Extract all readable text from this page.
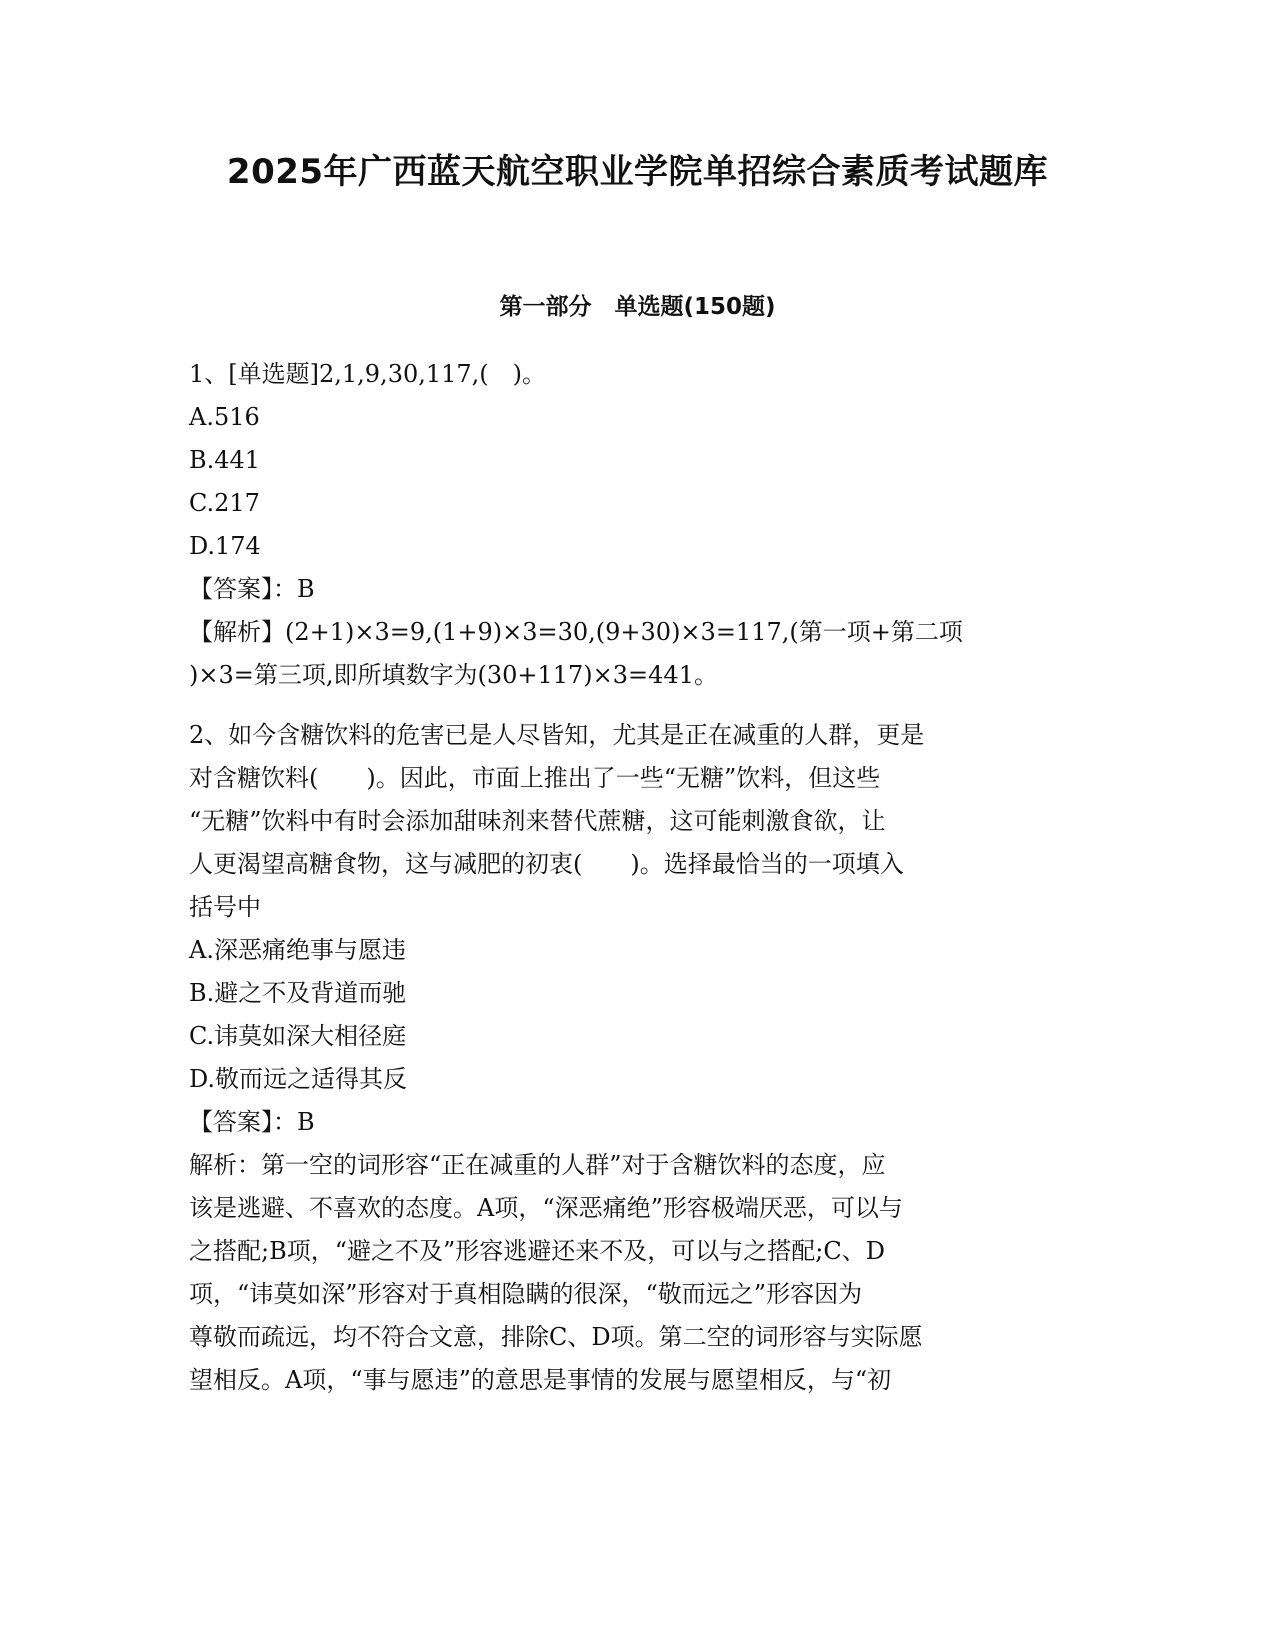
2025年广西蓝天航空职业学院单招综合素质考试题库
第一部分　单选题(150题)
1、[单选题]2,1,9,30,117,(　)。
A.516
B.441
C.217
D.174
【答案】：B
【解析】(2+1)×3=9,(1+9)×3=30,(9+30)×3=117,(第一项+第二项
)×3=第三项,即所填数字为(30+117)×3=441。
2、如今含糖饮料的危害已是人尽皆知，尤其是正在减重的人群，更是
对含糖饮料(　　)。因此，市面上推出了一些“无糖”饮料，但这些
“无糖”饮料中有时会添加甜味剂来替代蔗糖，这可能刺激食欲，让
人更渴望高糖食物，这与减肥的初衷(　　)。选择最恰当的一项填入
括号中
A.深恶痛绝事与愿违
B.避之不及背道而驰
C.讳莫如深大相径庭
D.敬而远之适得其反
【答案】：B
解析：第一空的词形容“正在减重的人群”对于含糖饮料的态度，应
该是逃避、不喜欢的态度。A项，“深恶痛绝”形容极端厌恶，可以与
之搭配;B项，“避之不及”形容逃避还来不及，可以与之搭配;C、D
项，“讳莫如深”形容对于真相隐瞒的很深，“敬而远之”形容因为
尊敬而疏远，均不符合文意，排除C、D项。第二空的词形容与实际愿
望相反。A项，“事与愿违”的意思是事情的发展与愿望相反，与“初
